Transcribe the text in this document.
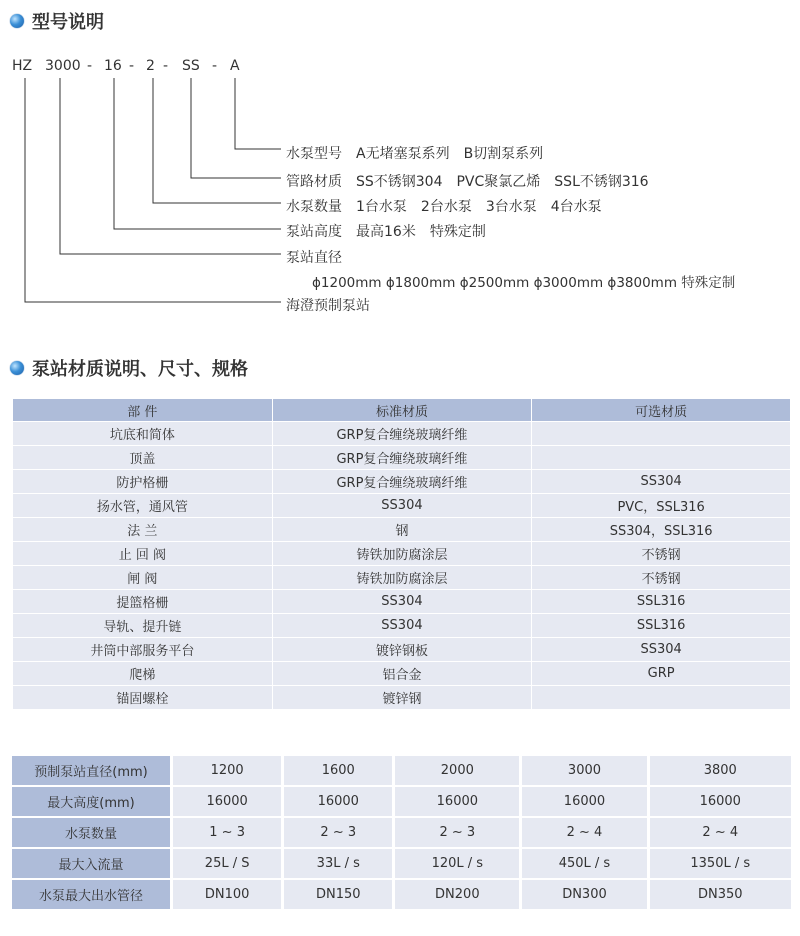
型号说明
HZ 3000 - 16 - 2 - SS - A
水泵型号　A无堵塞泵系列　B切割泵系列
管路材质　SS不锈钢304　PVC聚氯乙烯　SSL不锈钢316
水泵数量　1台水泵　2台水泵　3台水泵　4台水泵
泵站高度　最高16米　特殊定制
泵站直径
ϕ1200mm ϕ1800mm ϕ2500mm ϕ3000mm ϕ3800mm 特殊定制
海澄预制泵站
泵站材质说明、尺寸、规格
部 件	标准材质	可选材质
坑底和简体	GRP复合缠绕玻璃纤维	
顶盖	GRP复合缠绕玻璃纤维	
防护格栅	GRP复合缠绕玻璃纤维	SS304
扬水管，通风管	SS304	PVC，SSL316
法 兰	钢	SS304，SSL316
止 回 阀	铸铁加防腐涂层	不锈钢
闸 阀	铸铁加防腐涂层	不锈钢
提篮格栅	SS304	SSL316
导轨、提升链	SS304	SSL316
井筒中部服务平台	镀锌钢板	SS304
爬梯	铝合金	GRP
锚固螺栓	镀锌钢	
预制泵站直径(mm)	1200	1600	2000	3000	3800
最大高度(mm)	16000	16000	16000	16000	16000
水泵数量	1 ~ 3	2 ~ 3	2 ~ 3	2 ~ 4	2 ~ 4
最大入流量	25L / S	33L / s	120L / s	450L / s	1350L / s
水泵最大出水管径	DN100	DN150	DN200	DN300	DN350
